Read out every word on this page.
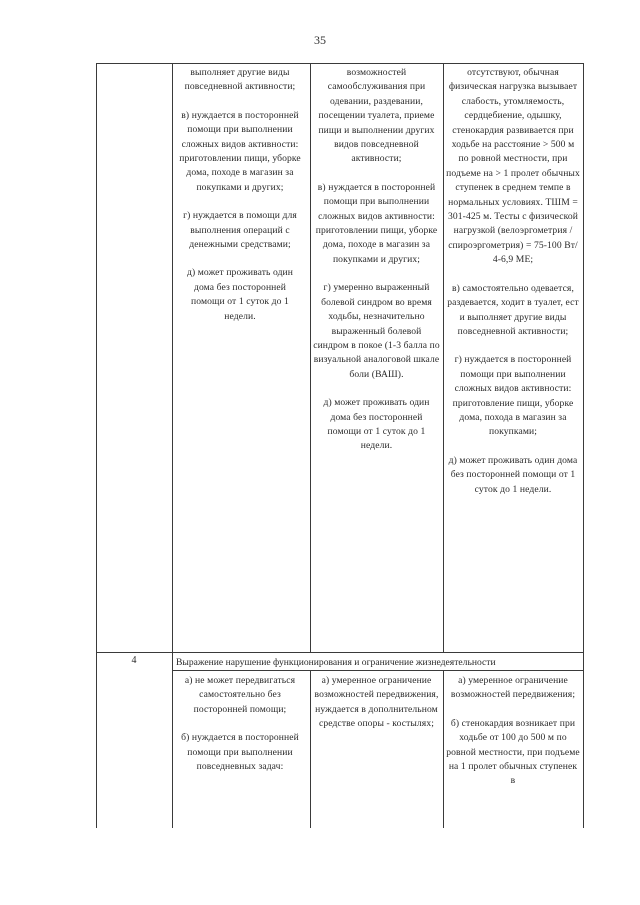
35

выполняет другие виды повседневной активности;

в) нуждается в посторонней помощи при выполнении сложных видов активности: приготовлении пищи, уборке дома, походе в магазин за покупками и других;

г) нуждается в помощи для выполнения операций с денежными средствами;

д) может проживать один дома без посторонней помощи от 1 суток до 1 недели.

возможностей самообслуживания при одевании, раздевании, посещении туалета, приеме пищи и выполнении других видов повседневной активности;

в) нуждается в посторонней помощи при выполнении сложных видов активности: приготовлении пищи, уборке дома, походе в магазин за покупками и других;

г) умеренно выраженный болевой синдром во время ходьбы, незначительно выраженный болевой синдром в покое (1-3 балла по визуальной аналоговой шкале боли (ВАШ).

д) может проживать один дома без посторонней помощи от 1 суток до 1 недели.

отсутствуют, обычная физическая нагрузка вызывает слабость, утомляемость, сердцебиение, одышку, стенокардия развивается при ходьбе на расстояние > 500 м по ровной местности, при подъеме на > 1 пролет обычных ступенек в среднем темпе в нормальных условиях. ТШМ = 301-425 м. Тесты с физической нагрузкой (велоэргометрия /спироэргометрия) = 75-100 Вт/ 4-6,9 МЕ;

в) самостоятельно одевается, раздевается, ходит в туалет, ест и выполняет другие виды повседневной активности;

г) нуждается в посторонней помощи при выполнении сложных видов активности: приготовление пищи, уборке дома, похода в магазин за покупками;

д) может проживать один дома без посторонней помощи от 1 суток до 1 недели.

4	Выражение нарушение функционирования и ограничение жизнедеятельности

а) не может передвигаться самостоятельно без посторонней помощи;

б) нуждается в посторонней помощи при выполнении повседневных задач:

а) умеренное ограничение возможностей передвижения, нуждается в дополнительном средстве опоры - костылях;

а) умеренное ограничение возможностей передвижения;

б) стенокардия возникает при ходьбе от 100 до 500 м по ровной местности, при подъеме на 1 пролет обычных ступенек в
